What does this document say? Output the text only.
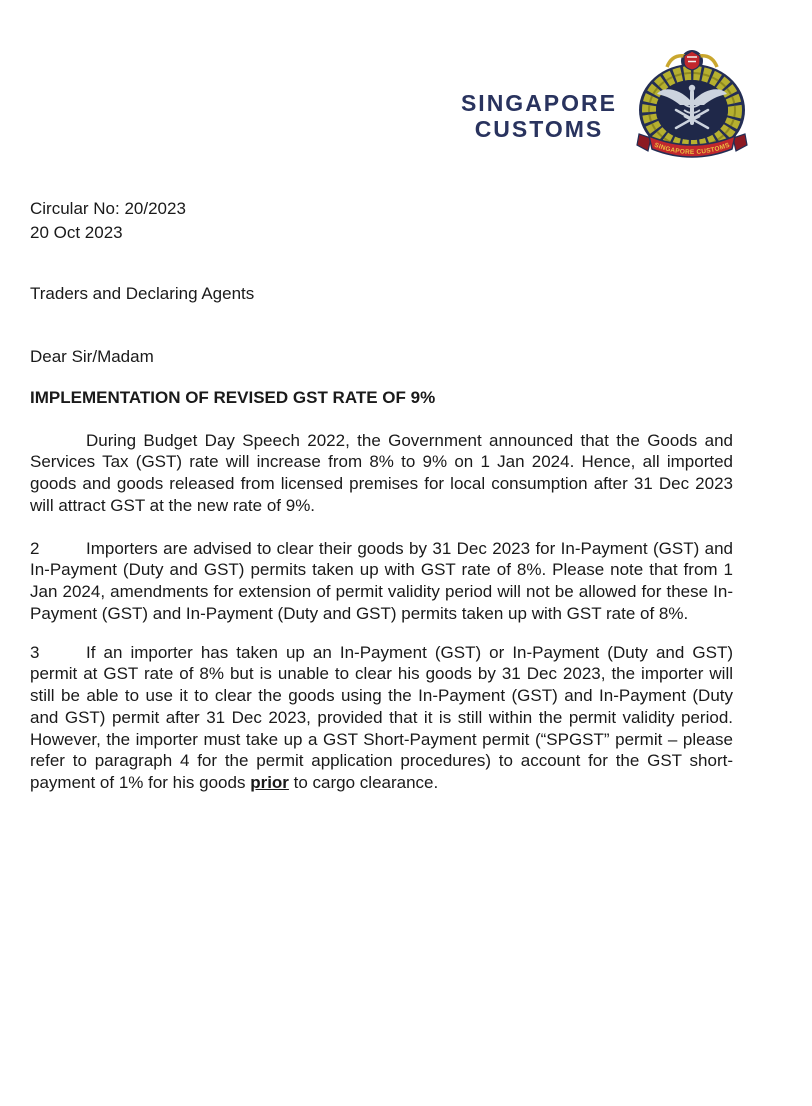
SINGAPORE
CUSTOMS
SINGAPORE CUSTOMS
Circular No: 20/2023
20 Oct 2023
Traders and Declaring Agents
Dear Sir/Madam
IMPLEMENTATION OF REVISED GST RATE OF 9%

During Budget Day Speech 2022, the Government announced that the Goods and Services Tax (GST) rate will increase from 8% to 9% on 1 Jan 2024. Hence, all imported goods and goods released from licensed premises for local consumption after 31 Dec 2023 will attract GST at the new rate of 9%.

2	Importers are advised to clear their goods by 31 Dec 2023 for In-Payment (GST) and In-Payment (Duty and GST) permits taken up with GST rate of 8%. Please note that from 1 Jan 2024, amendments for extension of permit validity period will not be allowed for these In-Payment (GST) and In-Payment (Duty and GST) permits taken up with GST rate of 8%.

3	If an importer has taken up an In-Payment (GST) or In-Payment (Duty and GST) permit at GST rate of 8% but is unable to clear his goods by 31 Dec 2023, the importer will still be able to use it to clear the goods using the In-Payment (GST) and In-Payment (Duty and GST) permit after 31 Dec 2023, provided that it is still within the permit validity period. However, the importer must take up a GST Short-Payment permit (“SPGST” permit – please refer to paragraph 4 for the permit application procedures) to account for the GST short-payment of 1% for his goods prior to cargo clearance.
